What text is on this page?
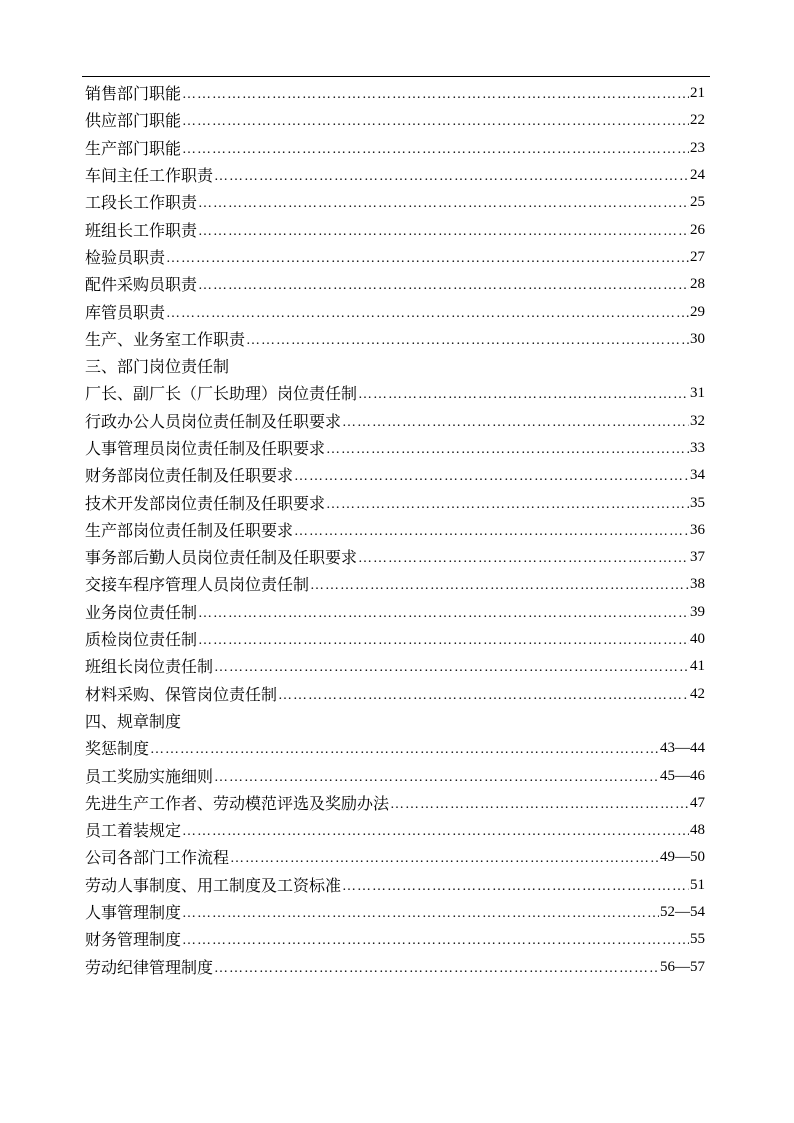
销售部门职能 …………………………………………………………………………………………………………………………………………………………………………………………	21
供应部门职能 …………………………………………………………………………………………………………………………………………………………………………………………	22
生产部门职能 …………………………………………………………………………………………………………………………………………………………………………………………	23
车间主任工作职责 …………………………………………………………………………………………………………………………………………………………………………………………	24
工段长工作职责 …………………………………………………………………………………………………………………………………………………………………………………………	25
班组长工作职责 …………………………………………………………………………………………………………………………………………………………………………………………	26
检验员职责 …………………………………………………………………………………………………………………………………………………………………………………………	27
配件采购员职责 …………………………………………………………………………………………………………………………………………………………………………………………	28
库管员职责 …………………………………………………………………………………………………………………………………………………………………………………………	29
生产、业务室工作职责 …………………………………………………………………………………………………………………………………………………………………………………………	30
三、部门岗位责任制
厂长、副厂长（厂长助理）岗位责任制 …………………………………………………………………………………………………………………………………………………………………………………………	31
行政办公人员岗位责任制及任职要求 …………………………………………………………………………………………………………………………………………………………………………………………	32
人事管理员岗位责任制及任职要求 …………………………………………………………………………………………………………………………………………………………………………………………	33
财务部岗位责任制及任职要求 …………………………………………………………………………………………………………………………………………………………………………………………	34
技术开发部岗位责任制及任职要求 …………………………………………………………………………………………………………………………………………………………………………………………	35
生产部岗位责任制及任职要求 …………………………………………………………………………………………………………………………………………………………………………………………	36
事务部后勤人员岗位责任制及任职要求 …………………………………………………………………………………………………………………………………………………………………………………………	37
交接车程序管理人员岗位责任制 …………………………………………………………………………………………………………………………………………………………………………………………	38
业务岗位责任制 …………………………………………………………………………………………………………………………………………………………………………………………	39
质检岗位责任制 …………………………………………………………………………………………………………………………………………………………………………………………	40
班组长岗位责任制 …………………………………………………………………………………………………………………………………………………………………………………………	41
材料采购、保管岗位责任制 …………………………………………………………………………………………………………………………………………………………………………………………	42
四、规章制度
奖惩制度 …………………………………………………………………………………………………………………………………………………………………………………………	43—44
员工奖励实施细则 …………………………………………………………………………………………………………………………………………………………………………………………	45—46
先进生产工作者、劳动模范评选及奖励办法 …………………………………………………………………………………………………………………………………………………………………………………………	47
员工着装规定 …………………………………………………………………………………………………………………………………………………………………………………………	48
公司各部门工作流程 …………………………………………………………………………………………………………………………………………………………………………………………	49—50
劳动人事制度、用工制度及工资标准 …………………………………………………………………………………………………………………………………………………………………………………………	51
人事管理制度 …………………………………………………………………………………………………………………………………………………………………………………………	52—54
财务管理制度 …………………………………………………………………………………………………………………………………………………………………………………………	55
劳动纪律管理制度 …………………………………………………………………………………………………………………………………………………………………………………………	56—57
